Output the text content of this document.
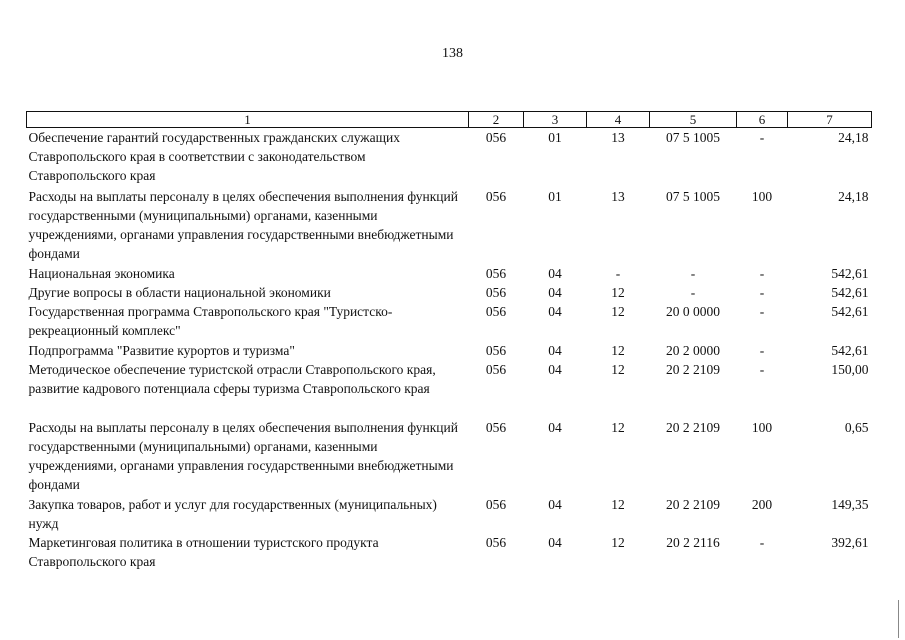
138
1	2	3	4	5	6	7
Обеспечение гарантий государственных гражданских служащих Ставропольского края в соответствии с законодательством Ставропольского края	056	01	13	07 5 1005	-	24,18
Расходы на выплаты персоналу в целях обеспечения выполнения функций государственными (муниципальными) органами, казенными учреждениями, органами управления государственными внебюджетными фондами	056	01	13	07 5 1005	100	24,18
Национальная экономика	056	04	-	-	-	542,61
Другие вопросы в области национальной экономики	056	04	12	-	-	542,61
Государственная программа Ставропольского края "Туристско-рекреационный комплекс"	056	04	12	20 0 0000	-	542,61
Подпрограмма "Развитие курортов и туризма"	056	04	12	20 2 0000	-	542,61
Методическое обеспечение туристской отрасли Ставропольского края, развитие кадрового потенциала сферы туризма Ставропольского края	056	04	12	20 2 2109	-	150,00
Расходы на выплаты персоналу в целях обеспечения выполнения функций государственными (муниципальными) органами, казенными учреждениями, органами управления государственными внебюджетными фондами	056	04	12	20 2 2109	100	0,65
Закупка товаров, работ и услуг для государственных (муниципальных) нужд	056	04	12	20 2 2109	200	149,35
Маркетинговая политика в отношении туристского продукта Ставропольского края	056	04	12	20 2 2116	-	392,61
